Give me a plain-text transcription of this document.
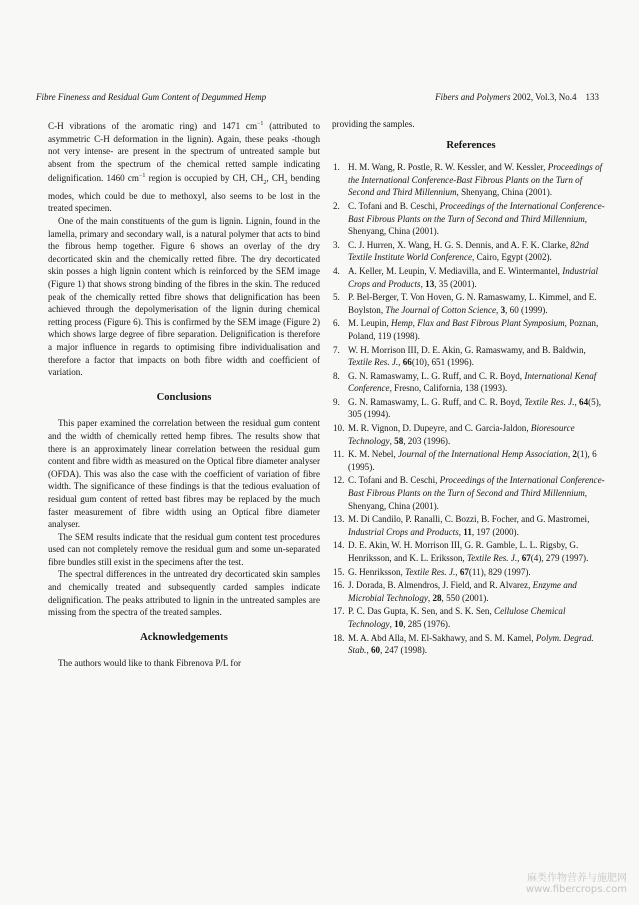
Fibre Fineness and Residual Gum Content of Degummed Hemp	Fibers and Polymers 2002, Vol.3, No.4 133

C-H vibrations of the aromatic ring) and 1471 $cm^{-1}$ (attributed to asymmetric C-H deformation in the lignin). Again, these peaks -though not very intense- are present in the spectrum of untreated sample but absent from the spectrum of the chemical retted sample indicating delignification. 1460 $cm^{-1}$ region is occupied by CH, $CH_2$, $CH_3$ bending modes, which could be due to methoxyl, also seems to be lost in the treated specimen.

One of the main constituents of the gum is lignin. Lignin, found in the lamella, primary and secondary wall, is a natural polymer that acts to bind the fibrous hemp together. Figure 6 shows an overlay of the dry decorticated skin and the chemically retted fibre. The dry decorticated skin posses a high lignin content which is reinforced by the SEM image (Figure 1) that shows strong binding of the fibres in the skin. The reduced peak of the chemically retted fibre shows that delignification has been achieved through the depolymerisation of the lignin during chemical retting process (Figure 6). This is confirmed by the SEM image (Figure 2) which shows large degree of fibre separation. Delignification is therefore a major influence in regards to optimising fibre individualisation and therefore a factor that impacts on both fibre width and coefficient of variation.

Conclusions

This paper examined the correlation between the residual gum content and the width of chemically retted hemp fibres. The results show that there is an approximately linear correlation between the residual gum content and fibre width as measured on the Optical fibre diameter analyser (OFDA). This was also the case with the coefficient of variation of fibre width. The significance of these findings is that the tedious evaluation of residual gum content of retted bast fibres may be replaced by the much faster measurement of fibre width using an Optical fibre diameter analyser.

The SEM results indicate that the residual gum content test procedures used can not completely remove the residual gum and some un-separated fibre bundles still exist in the specimens after the test.

The spectral differences in the untreated dry decorticated skin samples and chemically treated and subsequently carded samples indicate delignification. The peaks attributed to lignin in the untreated samples are missing from the spectra of the treated samples.

Acknowledgements

The authors would like to thank Fibrenova P/L for

providing the samples.

References
1. H. M. Wang, R. Postle, R. W. Kessler, and W. Kessler, Proceedings of the International Conference-Bast Fibrous Plants on the Turn of Second and Third Millennium, Shenyang, China (2001).
2. C. Tofani and B. Ceschi, Proceedings of the International Conference-Bast Fibrous Plants on the Turn of Second and Third Millennium, Shenyang, China (2001).
3. C. J. Hurren, X. Wang, H. G. S. Dennis, and A. F. K. Clarke, 82nd Textile Institute World Conference, Cairo, Egypt (2002).
4. A. Keller, M. Leupin, V. Mediavilla, and E. Wintermantel, Industrial Crops and Products, 13, 35 (2001).
5. P. Bel-Berger, T. Von Hoven, G. N. Ramaswamy, L. Kimmel, and E. Boylston, The Journal of Cotton Science, 3, 60 (1999).
6. M. Leupin, Hemp, Flax and Bast Fibrous Plant Symposium, Poznan, Poland, 119 (1998).
7. W. H. Morrison III, D. E. Akin, G. Ramaswamy, and B. Baldwin, Textile Res. J., 66(10), 651 (1996).
8. G. N. Ramaswamy, L. G. Ruff, and C. R. Boyd, International Kenaf Conference, Fresno, California, 138 (1993).
9. G. N. Ramaswamy, L. G. Ruff, and C. R. Boyd, Textile Res. J., 64(5), 305 (1994).
10. M. R. Vignon, D. Dupeyre, and C. Garcia-Jaldon, Bioresource Technology, 58, 203 (1996).
11. K. M. Nebel, Journal of the International Hemp Association, 2(1), 6 (1995).
12. C. Tofani and B. Ceschi, Proceedings of the International Conference-Bast Fibrous Plants on the Turn of Second and Third Millennium, Shenyang, China (2001).
13. M. Di Candilo, P. Ranalli, C. Bozzi, B. Focher, and G. Mastromei, Industrial Crops and Products, 11, 197 (2000).
14. D. E. Akin, W. H. Morrison III, G. R. Gamble, L. L. Rigsby, G. Henriksson, and K. L. Eriksson, Textile Res. J., 67(4), 279 (1997).
15. G. Henriksson, Textile Res. J., 67(11), 829 (1997).
16. J. Dorada, B. Almendros, J. Field, and R. Alvarez, Enzyme and Microbial Technology, 28, 550 (2001).
17. P. C. Das Gupta, K. Sen, and S. K. Sen, Cellulose Chemical Technology, 10, 285 (1976).
18. M. A. Abd Alla, M. El-Sakhawy, and S. M. Kamel, Polym. Degrad. Stab., 60, 247 (1998).
麻类作物营养与施肥网
www.fibercrops.com
